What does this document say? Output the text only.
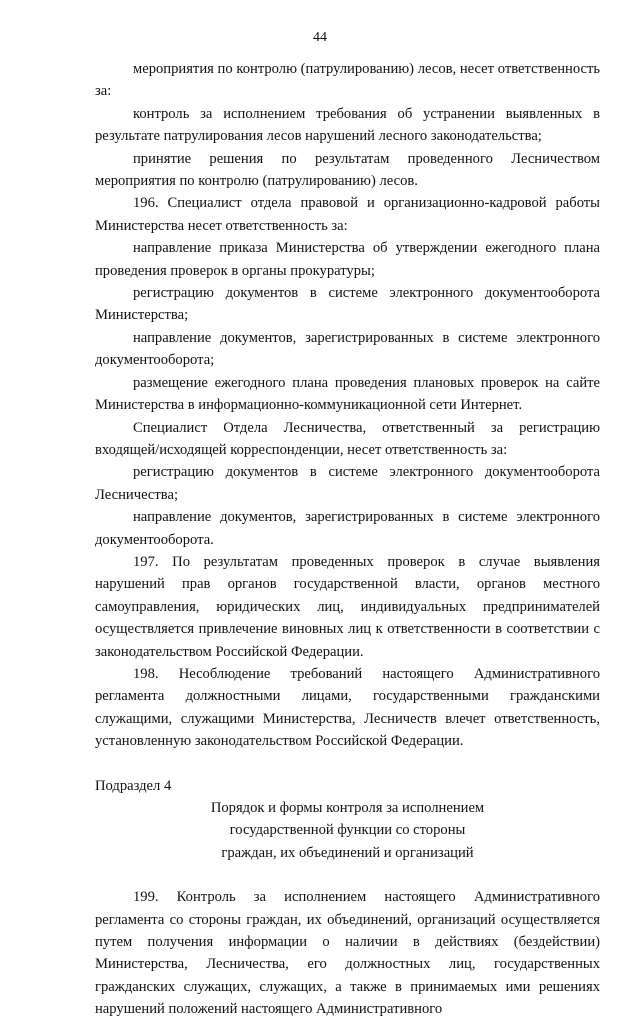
44

мероприятия по контролю (патрулированию) лесов, несет ответственность за:

контроль за исполнением требования об устранении выявленных в результате патрулирования лесов нарушений лесного законодательства;

принятие решения по результатам проведенного Лесничеством мероприятия по контролю (патрулированию) лесов.

196. Специалист отдела правовой и организационно-кадровой работы Министерства несет ответственность за:

направление приказа Министерства об утверждении ежегодного плана проведения проверок в органы прокуратуры;

регистрацию документов в системе электронного документооборота Министерства;

направление документов, зарегистрированных в системе электронного документооборота;

размещение ежегодного плана проведения плановых проверок на сайте Министерства в информационно-коммуникационной сети Интернет.

Специалист Отдела Лесничества, ответственный за регистрацию входящей/исходящей корреспонденции, несет ответственность за:

регистрацию документов в системе электронного документооборота Лесничества;

направление документов, зарегистрированных в системе электронного документооборота.

197. По результатам проведенных проверок в случае выявления нарушений прав органов государственной власти, органов местного самоуправления, юридических лиц, индивидуальных предпринимателей осуществляется привлечение виновных лиц к ответственности в соответствии с законодательством Российской Федерации.

198. Несоблюдение требований настоящего Административного регламента должностными лицами, государственными гражданскими служащими, служащими Министерства, Лесничеств влечет ответственность, установленную законодательством Российской Федерации.

Подраздел 4

Порядок и формы контроля за исполнением
государственной функции со стороны
граждан, их объединений и организаций

199. Контроль за исполнением настоящего Административного регламента со стороны граждан, их объединений, организаций осуществляется путем получения информации о наличии в действиях (бездействии) Министерства, Лесничества, его должностных лиц, государственных гражданских служащих, служащих, а также в принимаемых ими решениях нарушений положений настоящего Административного
